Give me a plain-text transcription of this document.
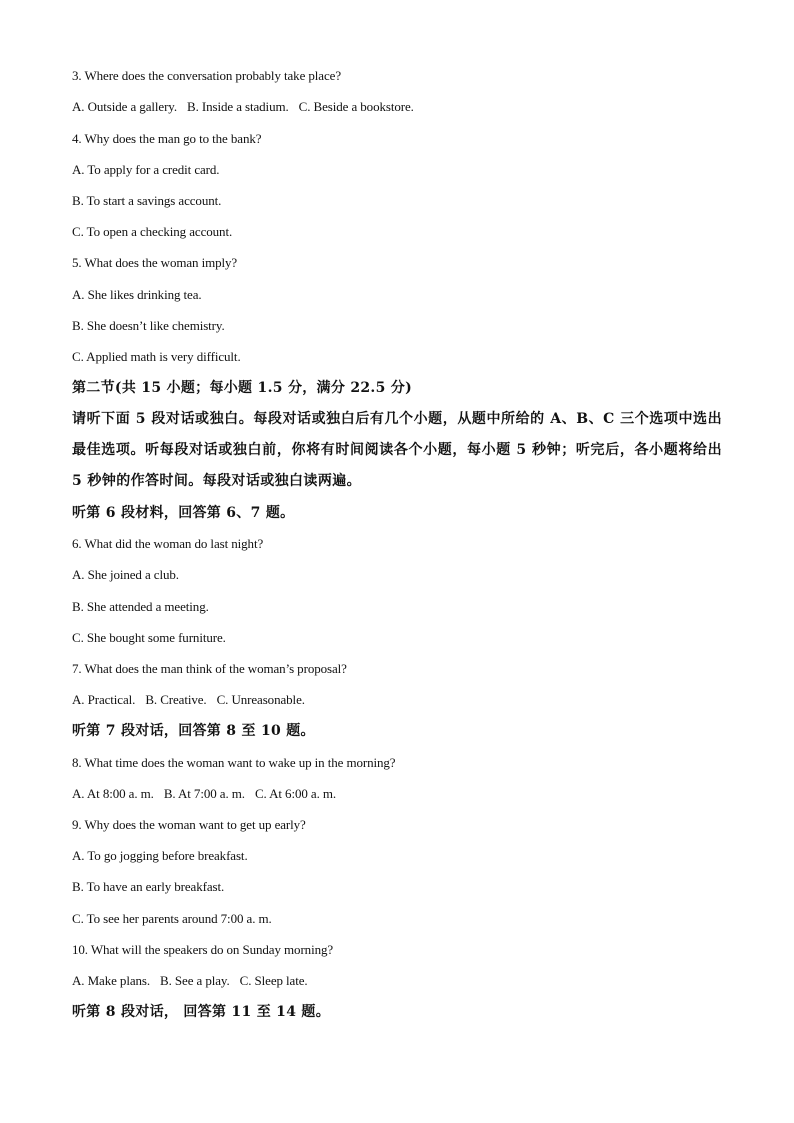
3. Where does the conversation probably take place?
A. Outside a gallery. B. Inside a stadium. C. Beside a bookstore.
4. Why does the man go to the bank?
A. To apply for a credit card.
B. To start a savings account.
C. To open a checking account.
5. What does the woman imply?
A. She likes drinking tea.
B. She doesn’t like chemistry.
C. Applied math is very difficult.
第二节(共 15 小题；每小题 1.5 分，满分 22.5 分)
请听下面 5 段对话或独白。每段对话或独白后有几个小题，从题中所给的 A、B、C 三个选项中选出最佳选项。听每段对话或独白前，你将有时间阅读各个小题，每小题 5 秒钟；听完后，各小题将给出 5 秒钟的作答时间。每段对话或独白读两遍。
听第 6 段材料，回答第 6、7 题。
6. What did the woman do last night?
A. She joined a club.
B. She attended a meeting.
C. She bought some furniture.
7. What does the man think of the woman’s proposal?
A. Practical. B. Creative. C. Unreasonable.
听第 7 段对话，回答第 8 至 10 题。
8. What time does the woman want to wake up in the morning?
A. At 8:00 a. m. B. At 7:00 a. m. C. At 6:00 a. m.
9. Why does the woman want to get up early?
A. To go jogging before breakfast.
B. To have an early breakfast.
C. To see her parents around 7:00 a. m.
10. What will the speakers do on Sunday morning?
A. Make plans. B. See a play. C. Sleep late.
听第 8 段对话， 回答第 11 至 14 题。
